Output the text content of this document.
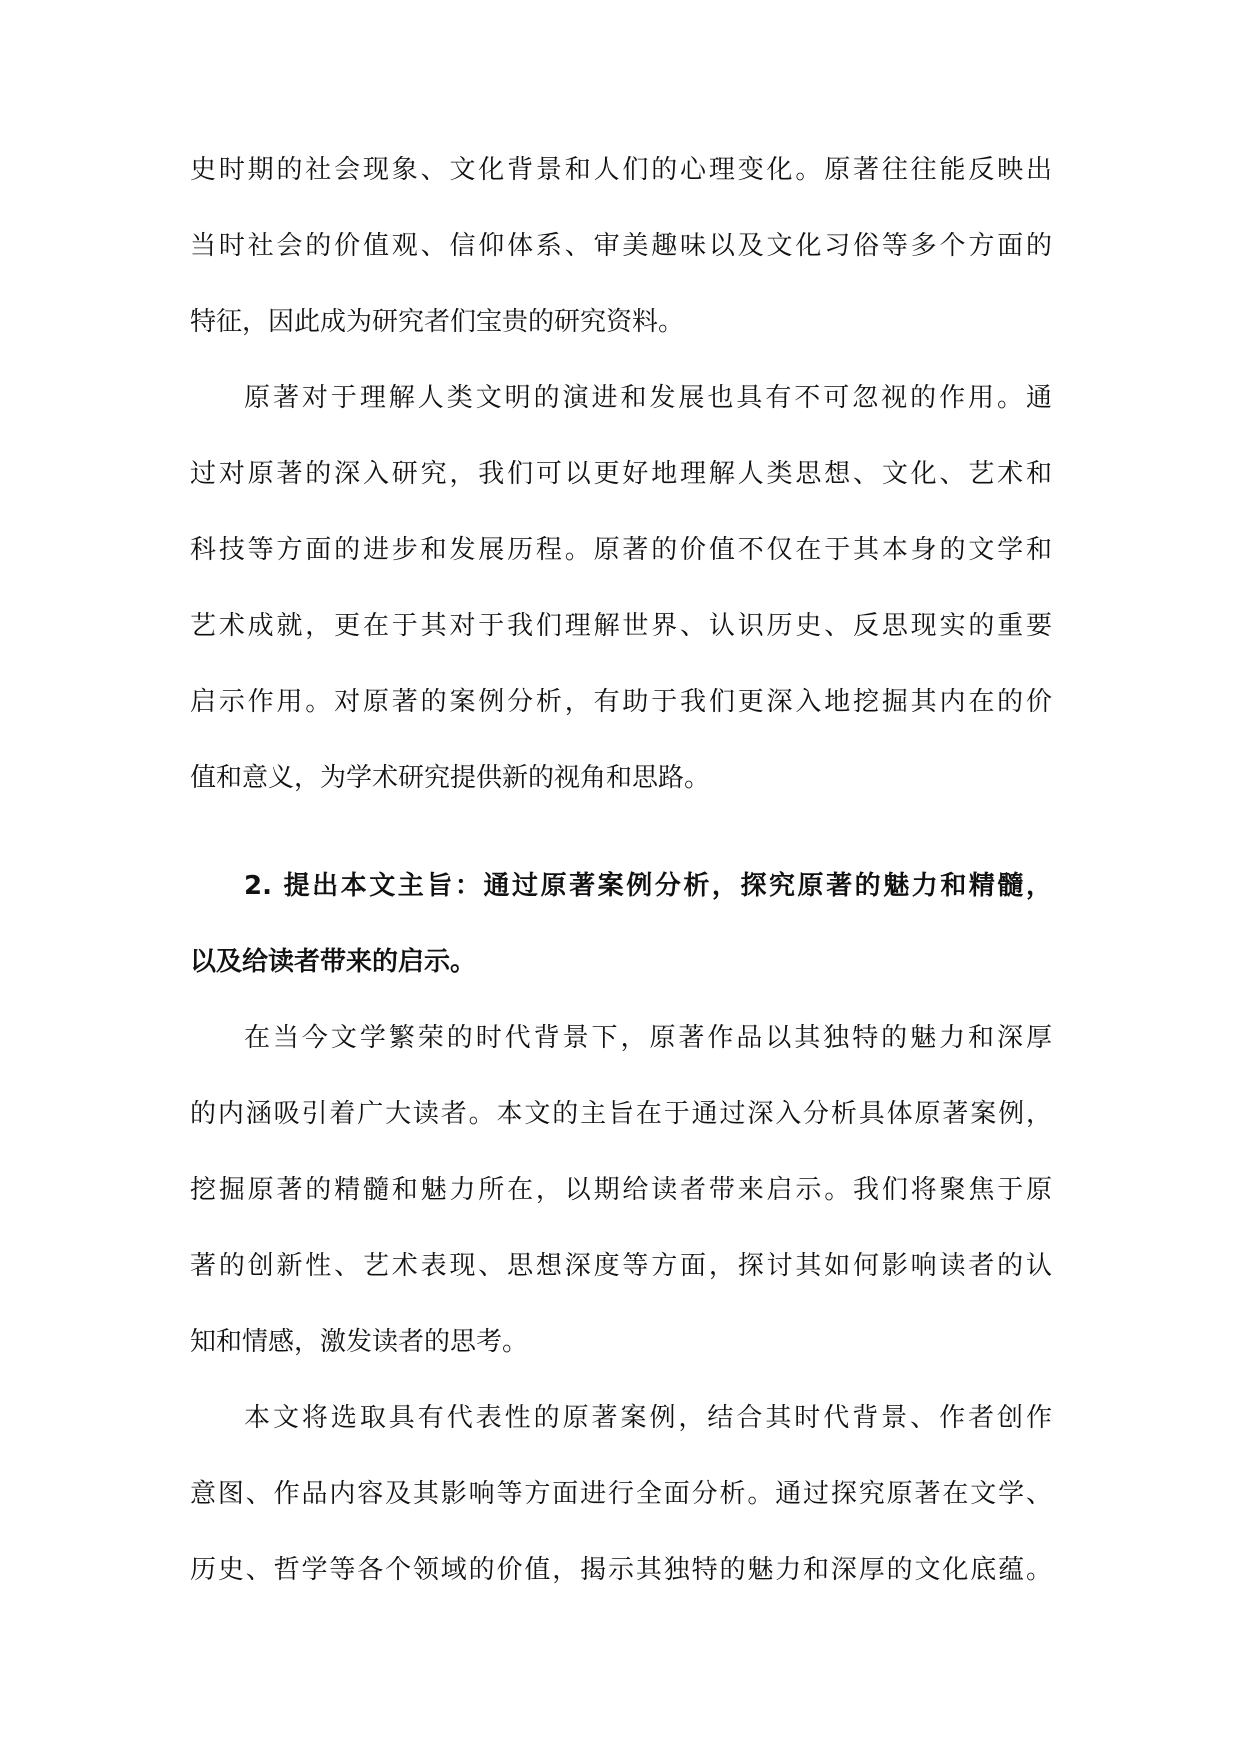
史时期的社会现象、文化背景和人们的心理变化。原著往往能反映出

当时社会的价值观、信仰体系、审美趣味以及文化习俗等多个方面的

特征，因此成为研究者们宝贵的研究资料。

原著对于理解人类文明的演进和发展也具有不可忽视的作用。通

过对原著的深入研究，我们可以更好地理解人类思想、文化、艺术和

科技等方面的进步和发展历程。原著的价值不仅在于其本身的文学和

艺术成就，更在于其对于我们理解世界、认识历史、反思现实的重要

启示作用。对原著的案例分析，有助于我们更深入地挖掘其内在的价

值和意义，为学术研究提供新的视角和思路。

2. 提出本文主旨：通过原著案例分析，探究原著的魅力和精髓，

以及给读者带来的启示。

在当今文学繁荣的时代背景下，原著作品以其独特的魅力和深厚

的内涵吸引着广大读者。本文的主旨在于通过深入分析具体原著案例，

挖掘原著的精髓和魅力所在，以期给读者带来启示。我们将聚焦于原

著的创新性、艺术表现、思想深度等方面，探讨其如何影响读者的认

知和情感，激发读者的思考。

本文将选取具有代表性的原著案例，结合其时代背景、作者创作

意图、作品内容及其影响等方面进行全面分析。通过探究原著在文学、

历史、哲学等各个领域的价值，揭示其独特的魅力和深厚的文化底蕴。
